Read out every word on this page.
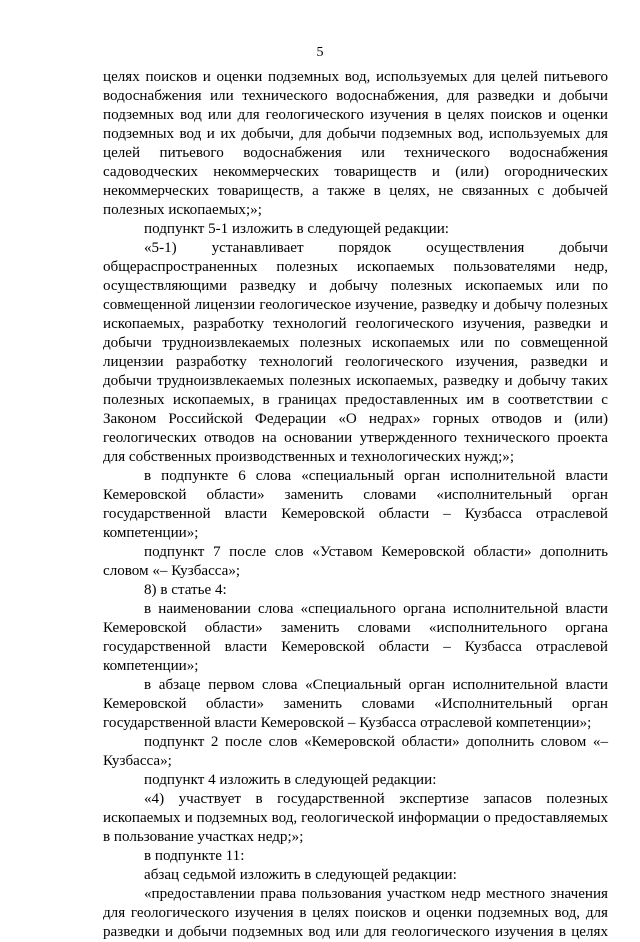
5

целях поисков и оценки подземных вод, используемых для целей питьевого водоснабжения или технического водоснабжения, для разведки и добычи подземных вод или для геологического изучения в целях поисков и оценки подземных вод и их добычи, для добычи подземных вод, используемых для целей питьевого водоснабжения или технического водоснабжения садоводческих некоммерческих товариществ и (или) огороднических некоммерческих товариществ, а также в целях, не связанных с добычей полезных ископаемых;»;

подпункт 5-1 изложить в следующей редакции:

«5-1) устанавливает порядок осуществления добычи общераспространенных полезных ископаемых пользователями недр, осуществляющими разведку и добычу полезных ископаемых или по совмещенной лицензии геологическое изучение, разведку и добычу полезных ископаемых, разработку технологий геологического изучения, разведки и добычи трудноизвлекаемых полезных ископаемых или по совмещенной лицензии разработку технологий геологического изучения, разведки и добычи трудноизвлекаемых полезных ископаемых, разведку и добычу таких полезных ископаемых, в границах предоставленных им в соответствии с Законом Российской Федерации «О недрах» горных отводов и (или) геологических отводов на основании утвержденного технического проекта для собственных производственных и технологических нужд;»;

в подпункте 6 слова «специальный орган исполнительной власти Кемеровской области» заменить словами «исполнительный орган государственной власти Кемеровской области – Кузбасса отраслевой компетенции»;

подпункт 7 после слов «Уставом Кемеровской области» дополнить словом «– Кузбасса»;

8) в статье 4:

в наименовании слова «специального органа исполнительной власти Кемеровской области» заменить словами «исполнительного органа государственной власти Кемеровской области – Кузбасса отраслевой компетенции»;

в абзаце первом слова «Специальный орган исполнительной власти Кемеровской области» заменить словами «Исполнительный орган государственной власти Кемеровской – Кузбасса отраслевой компетенции»;

подпункт 2 после слов «Кемеровской области» дополнить словом «– Кузбасса»;

подпункт 4 изложить в следующей редакции:

«4) участвует в государственной экспертизе запасов полезных ископаемых и подземных вод, геологической информации о предоставляемых в пользование участках недр;»;

в подпункте 11:

абзац седьмой изложить в следующей редакции:

«предоставлении права пользования участком недр местного значения для геологического изучения в целях поисков и оценки подземных вод, для разведки и добычи подземных вод или для геологического изучения в целях
